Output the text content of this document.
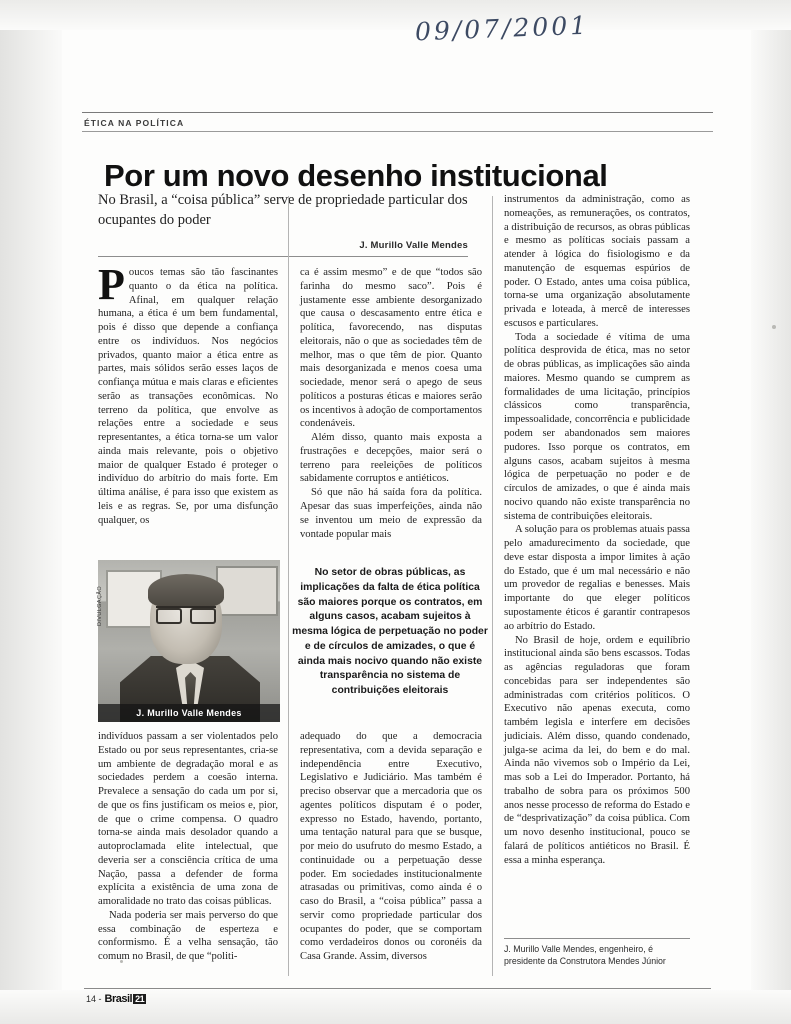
09/07/2001
ÉTICA NA POLÍTICA
Por um novo desenho institucional
No Brasil, a “coisa pública” serve de propriedade particular dos ocupantes do poder
J. Murillo Valle Mendes

Poucos temas são tão fascinantes quanto o da ética na política. Afinal, em qualquer relação humana, a ética é um bem fundamental, pois é disso que depende a confiança entre os indivíduos. Nos negócios privados, quanto maior a ética entre as partes, mais sólidos serão esses laços de confiança mútua e mais claras e eficientes serão as transações econômicas. No terreno da política, que envolve as relações entre a sociedade e seus representantes, a ética torna-se um valor ainda mais relevante, pois o objetivo maior de qualquer Estado é proteger o indivíduo do arbítrio do mais forte. Em última análise, é para isso que existem as leis e as regras. Se, por uma disfunção qualquer, os

ca é assim mesmo” e de que “todos são farinha do mesmo saco”. Pois é justamente esse ambiente desorganizado que causa o descasamento entre ética e política, favorecendo, nas disputas eleitorais, não o que as sociedades têm de melhor, mas o que têm de pior. Quanto mais desorganizada e menos coesa uma sociedade, menor será o apego de seus políticos a posturas éticas e maiores serão os incentivos à adoção de comportamentos condenáveis.

Além disso, quanto mais exposta a frustrações e decepções, maior será o terreno para reeleições de políticos sabidamente corruptos e antiéticos.

Só que não há saída fora da política. Apesar das suas imperfeições, ainda não se inventou um meio de expressão da vontade popular mais

instrumentos da administração, como as nomeações, as remunerações, os contratos, a distribuição de recursos, as obras públicas e mesmo as políticas sociais passam a atender à lógica do fisiologismo e da manutenção de esquemas espúrios de poder. O Estado, antes uma coisa pública, torna-se uma organização absolutamente privada e loteada, à mercê de interesses escusos e particulares.

Toda a sociedade é vítima de uma política desprovida de ética, mas no setor de obras públicas, as implicações são ainda maiores. Mesmo quando se cumprem as formalidades de uma licitação, princípios clássicos como transparência, impessoalidade, concorrência e publicidade podem ser abandonados sem maiores pudores. Isso porque os contratos, em alguns casos, acabam sujeitos à mesma lógica de perpetuação no poder e de círculos de amizades, o que é ainda mais nocivo quando não existe transparência no sistema de contribuições eleitorais.

A solução para os problemas atuais passa pelo amadurecimento da sociedade, que deve estar disposta a impor limites à ação do Estado, que é um mal necessário e não um provedor de regalias e benesses. Mais importante do que eleger políticos supostamente éticos é garantir contrapesos ao arbítrio do Estado.

No Brasil de hoje, ordem e equilíbrio institucional ainda são bens escassos. Todas as agências reguladoras que foram concebidas para ser independentes são administradas com critérios políticos. O Executivo não apenas executa, como também legisla e interfere em decisões judiciais. Além disso, quando condenado, julga-se acima da lei, do bem e do mal. Ainda não vivemos sob o Império da Lei, mas sob a Lei do Imperador. Portanto, há trabalho de sobra para os próximos 500 anos nesse processo de reforma do Estado e de “desprivatização” da coisa pública. Com um novo desenho institucional, pouco se falará de políticos antiéticos no Brasil. É essa a minha esperança.

J. Murillo Valle Mendes
DIVULGAÇÃO
No setor de obras públicas, as implicações da falta de ética política são maiores porque os contratos, em alguns casos, acabam sujeitos à mesma lógica de perpetuação no poder e de círculos de amizades, o que é ainda mais nocivo quando não existe transparência no sistema de contribuições eleitorais

indivíduos passam a ser violentados pelo Estado ou por seus representantes, cria-se um ambiente de degradação moral e as sociedades perdem a coesão interna. Prevalece a sensação do cada um por si, de que os fins justificam os meios e, pior, de que o crime compensa. O quadro torna-se ainda mais desolador quando a autoproclamada elite intelectual, que deveria ser a consciência crítica de uma Nação, passa a defender de forma explícita a existência de uma zona de amoralidade no trato das coisas públicas.

Nada poderia ser mais perverso do que essa combinação de esperteza e conformismo. É a velha sensação, tão comum no Brasil, de que “politi-

adequado do que a democracia representativa, com a devida separação e independência entre Executivo, Legislativo e Judiciário. Mas também é preciso observar que a mercadoria que os agentes políticos disputam é o poder, expresso no Estado, havendo, portanto, uma tentação natural para que se busque, por meio do usufruto do mesmo Estado, a continuidade ou a perpetuação desse poder. Em sociedades institucionalmente atrasadas ou primitivas, como ainda é o caso do Brasil, a “coisa pública” passa a servir como propriedade particular dos ocupantes do poder, que se comportam como verdadeiros donos ou coronéis da Casa Grande. Assim, diversos

J. Murillo Valle Mendes, engenheiro, é presidente da Construtora Mendes Júnior
14 - Brasil 21
